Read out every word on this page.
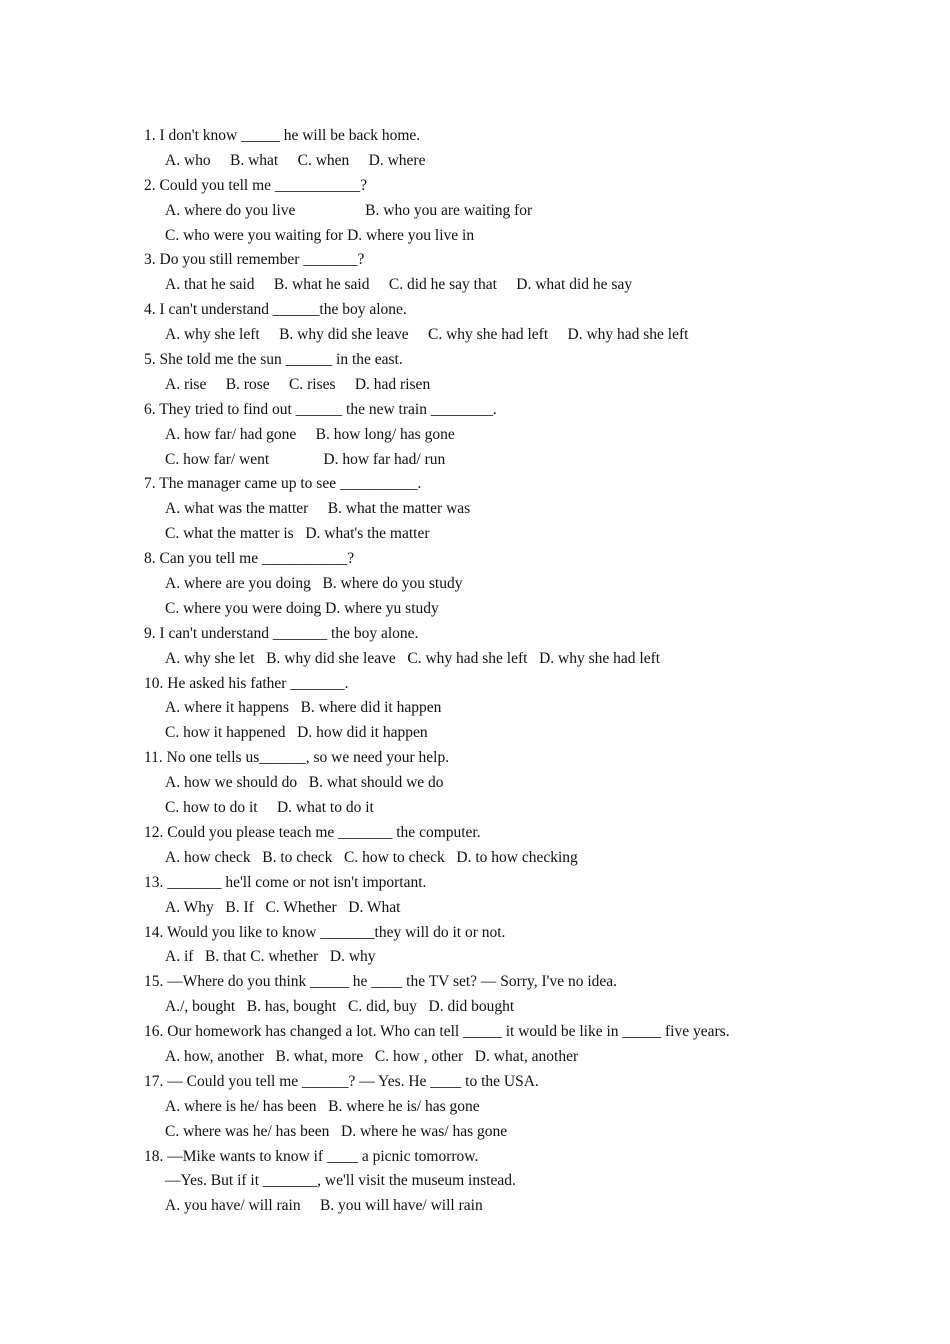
1. I don't know _____ he will be back home.
A. who     B. what     C. when     D. where
2. Could you tell me ___________?
A. where do you live                  B. who you are waiting for
C. who were you waiting for D. where you live in
3. Do you still remember _______?
A. that he said     B. what he said     C. did he say that     D. what did he say
4. I can't understand ______the boy alone.
A. why she left     B. why did she leave     C. why she had left     D. why had she left
5. She told me the sun ______ in the east.
A. rise     B. rose     C. rises     D. had risen
6. They tried to find out ______ the new train ________.
A. how far/ had gone     B. how long/ has gone
C. how far/ went              D. how far had/ run
7. The manager came up to see __________.
A. what was the matter     B. what the matter was
C. what the matter is   D. what's the matter
8. Can you tell me ___________?
A. where are you doing   B. where do you study
C. where you were doing D. where yu study
9. I can't understand _______ the boy alone.
A. why she let   B. why did she leave   C. why had she left   D. why she had left
10. He asked his father _______.
A. where it happens   B. where did it happen
C. how it happened   D. how did it happen
11. No one tells us______, so we need your help.
A. how we should do   B. what should we do
C. how to do it     D. what to do it
12. Could you please teach me _______ the computer.
A. how check   B. to check   C. how to check   D. to how checking
13. _______ he'll come or not isn't important.
A. Why   B. If   C. Whether   D. What
14. Would you like to know _______they will do it or not.
A. if   B. that C. whether   D. why
15. —Where do you think _____ he ____ the TV set? — Sorry, I've no idea.
A./, bought   B. has, bought   C. did, buy   D. did bought
16. Our homework has changed a lot. Who can tell _____ it would be like in _____ five years.
A. how, another   B. what, more   C. how , other   D. what, another
17. — Could you tell me ______? — Yes. He ____ to the USA.
A. where is he/ has been   B. where he is/ has gone
C. where was he/ has been   D. where he was/ has gone
18. —Mike wants to know if ____ a picnic tomorrow.
—Yes. But if it _______, we'll visit the museum instead.
A. you have/ will rain     B. you will have/ will rain
